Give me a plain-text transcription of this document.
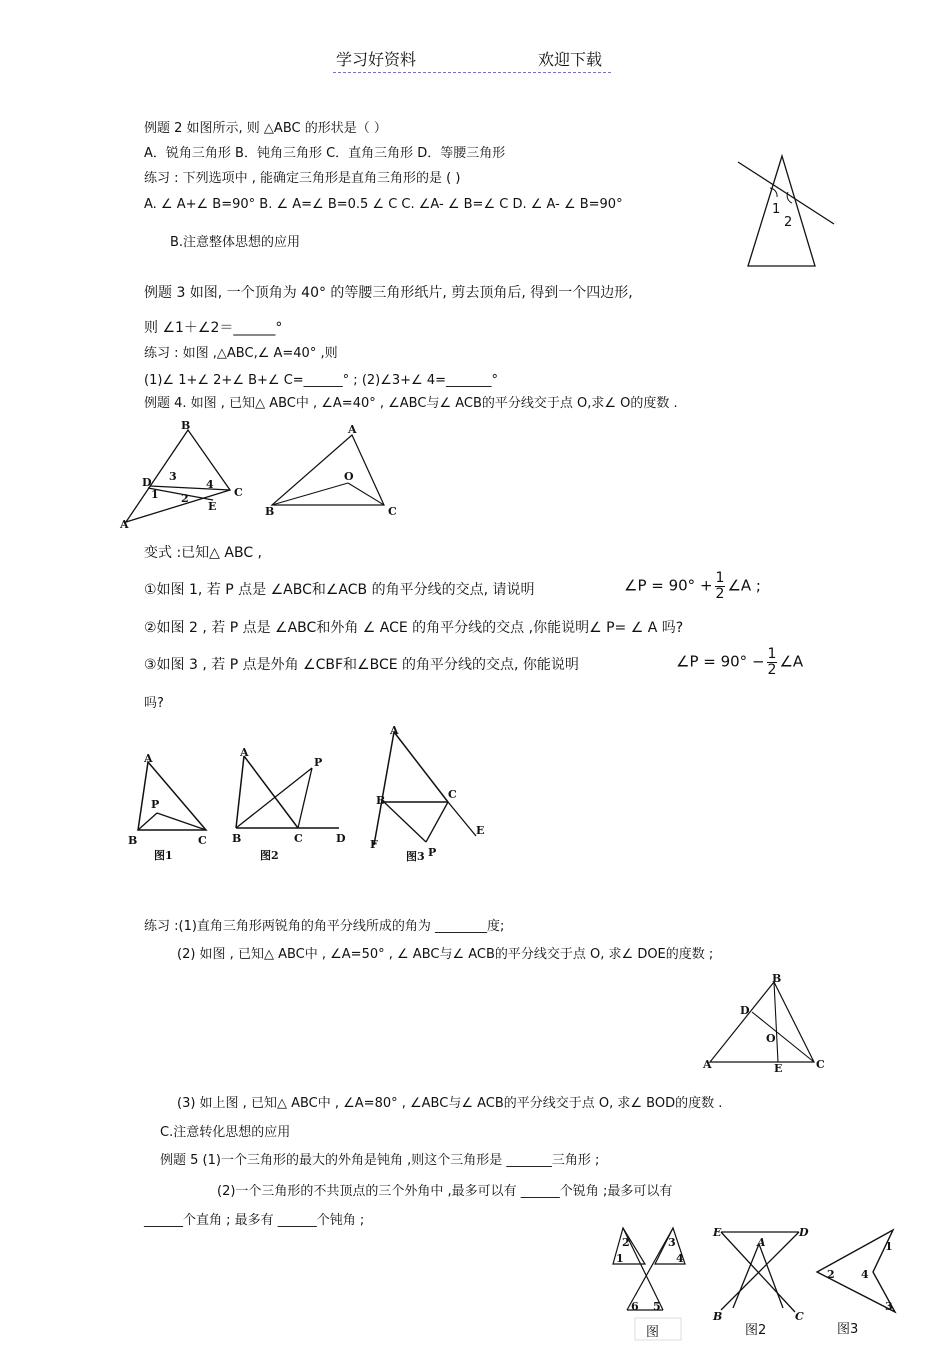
学习好资料	欢迎下载
例题 2 如图所示, 则 △ABC 的形状是（ ）
A．锐角三角形 B．钝角三角形 C．直角三角形 D．等腰三角形
练习 : 下列选项中 , 能确定三角形是直角三角形的是 ( )
A. ∠ A+∠ B=90° B. ∠ A=∠ B=0.5 ∠ C C. ∠A- ∠ B=∠ C D. ∠ A- ∠ B=90°	1
2
B.注意整体思想的应用
例题 3 如图, 一个顶角为 40° 的等腰三角形纸片, 剪去顶角后, 得到一个四边形,
则 ∠1＋∠2＝______°
练习 : 如图 ,△ABC,∠ A=40° ,则
(1)∠ 1+∠ 2+∠ B+∠ C=______° ; (2)∠3+∠ 4=_______°
例题 4. 如图 , 已知△ ABC中 , ∠A=40° , ∠ABC与∠ ACB的平分线交于点 O,求∠ O的度数 .
B
A
C
D
E
3
1 2
4
A
B	C
O
变式 :已知△ ABC ,
①如图 1, 若 P 点是 ∠ABC和∠ACB 的角平分线的交点, 请说明	∠P = $90^\circ + \frac{1}{2}$ ∠A ;
②如图 2 , 若 P 点是 ∠ABC和外角 ∠ ACE 的角平分线的交点 ,你能说明∠ P= ∠ A 吗?
③如图 3 , 若 P 点是外角 ∠CBF和∠BCE 的角平分线的交点, 你能说明	∠P = $90^\circ - \frac{1}{2}$ ∠A
吗?
A
B	C
P
图1
A
B	C	D
P
图2
A
B	C
E
F
P
图3
练习 :(1)直角三角形两锐角的角平分线所成的角为 ________度;
(2) 如图 , 已知△ ABC中 , ∠A=50° , ∠ ABC与∠ ACB的平分线交于点 O, 求∠ DOE的度数 ;
B
A	C
D
E
O
(3) 如上图 , 已知△ ABC中 , ∠A=80° , ∠ABC与∠ ACB的平分线交于点 O, 求∠ BOD的度数 .
C.注意转化思想的应用
例题 5 (1)一个三角形的最大的外角是钝角 ,则这个三角形是 _______三角形 ;
(2)一个三角形的不共顶点的三个外角中 ,最多可以有 ______个锐角 ;最多可以有
______个直角 ; 最多有 ______个钝角 ;
2	3
1	4
6 5
图
E	D
A
B	C
图2
1
2
3
4
图3
